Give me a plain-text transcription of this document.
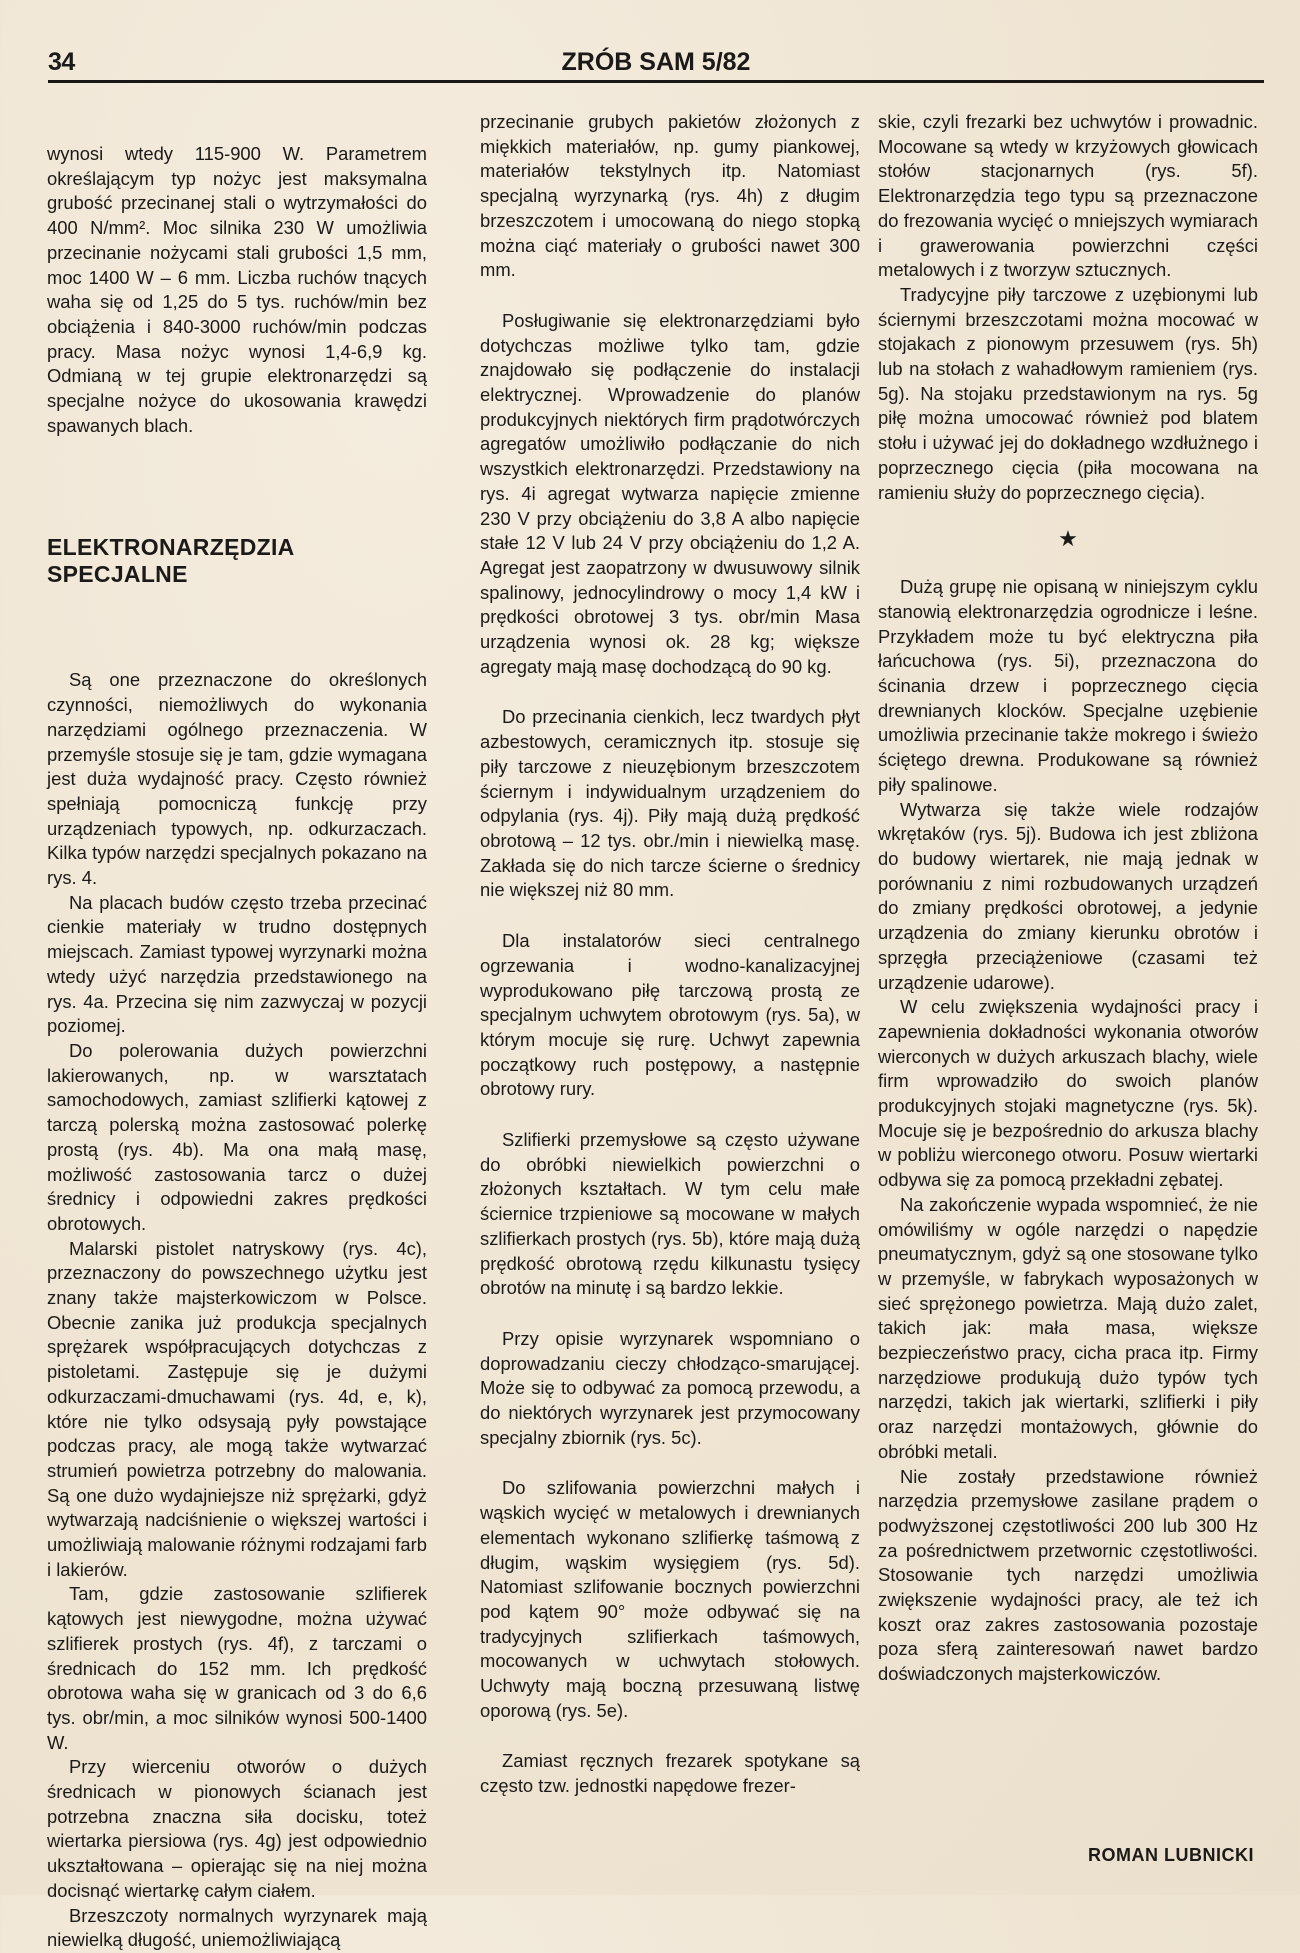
34	ZRÓB SAM 5/82

wynosi wtedy 115-900 W. Parametrem określającym typ nożyc jest maksymalna grubość przecinanej stali o wytrzymałości do 400 N/mm². Moc silnika 230 W umożliwia przecinanie nożycami stali grubości 1,5 mm, moc 1400 W – 6 mm. Liczba ruchów tnących waha się od 1,25 do 5 tys. ruchów/min bez obciążenia i 840-3000 ruchów/min podczas pracy. Masa nożyc wynosi 1,4-6,9 kg. Odmianą w tej grupie elektronarzędzi są specjalne nożyce do ukosowania krawędzi spawanych blach.

ELEKTRONARZĘDZIA
SPECJALNE

Są one przeznaczone do określonych czynności, niemożliwych do wykonania narzędziami ogólnego przeznaczenia. W przemyśle stosuje się je tam, gdzie wymagana jest duża wydajność pracy. Często również spełniają pomocniczą funkcję przy urządzeniach typowych, np. odkurzaczach. Kilka typów narzędzi specjalnych pokazano na rys. 4.

Na placach budów często trzeba przecinać cienkie materiały w trudno dostępnych miejscach. Zamiast typowej wyrzynarki można wtedy użyć narzędzia przedstawionego na rys. 4a. Przecina się nim zazwyczaj w pozycji poziomej.

Do polerowania dużych powierzchni lakierowanych, np. w warsztatach samochodowych, zamiast szlifierki kątowej z tarczą polerską można zastosować polerkę prostą (rys. 4b). Ma ona małą masę, możliwość zastosowania tarcz o dużej średnicy i odpowiedni zakres prędkości obrotowych.

Malarski pistolet natryskowy (rys. 4c), przeznaczony do powszechnego użytku jest znany także majsterkowiczom w Polsce. Obecnie zanika już produkcja specjalnych sprężarek współpracujących dotychczas z pistoletami. Zastępuje się je dużymi odkurzaczami-dmuchawami (rys. 4d, e, k), które nie tylko odsysają pyły powstające podczas pracy, ale mogą także wytwarzać strumień powietrza potrzebny do malowania. Są one dużo wydajniejsze niż sprężarki, gdyż wytwarzają nadciśnienie o większej wartości i umożliwiają malowanie różnymi rodzajami farb i lakierów.

Tam, gdzie zastosowanie szlifierek kątowych jest niewygodne, można używać szlifierek prostych (rys. 4f), z tarczami o średnicach do 152 mm. Ich prędkość obrotowa waha się w granicach od 3 do 6,6 tys. obr/min, a moc silników wynosi 500-1400 W.

Przy wierceniu otworów o dużych średnicach w pionowych ścianach jest potrzebna znaczna siła docisku, toteż wiertarka piersiowa (rys. 4g) jest odpowiednio ukształtowana – opierając się na niej można docisnąć wiertarkę całym ciałem.

Brzeszczoty normalnych wyrzynarek mają niewielką długość, uniemożliwiającą

przecinanie grubych pakietów złożonych z miękkich materiałów, np. gumy piankowej, materiałów tekstylnych itp. Natomiast specjalną wyrzynarką (rys. 4h) z długim brzeszczotem i umocowaną do niego stopką można ciąć materiały o grubości nawet 300 mm.

Posługiwanie się elektronarzędziami było dotychczas możliwe tylko tam, gdzie znajdowało się podłączenie do instalacji elektrycznej. Wprowadzenie do planów produkcyjnych niektórych firm prądotwórczych agregatów umożliwiło podłączanie do nich wszystkich elektronarzędzi. Przedstawiony na rys. 4i agregat wytwarza napięcie zmienne 230 V przy obciążeniu do 3,8 A albo napięcie stałe 12 V lub 24 V przy obciążeniu do 1,2 A. Agregat jest zaopatrzony w dwusuwowy silnik spalinowy, jednocylindrowy o mocy 1,4 kW i prędkości obrotowej 3 tys. obr/min Masa urządzenia wynosi ok. 28 kg; większe agregaty mają masę dochodzącą do 90 kg.

Do przecinania cienkich, lecz twardych płyt azbestowych, ceramicznych itp. stosuje się piły tarczowe z nieuzębionym brzeszczotem ściernym i indywidualnym urządzeniem do odpylania (rys. 4j). Piły mają dużą prędkość obrotową – 12 tys. obr./min i niewielką masę. Zakłada się do nich tarcze ścierne o średnicy nie większej niż 80 mm.

Dla instalatorów sieci centralnego ogrzewania i wodno-kanalizacyjnej wyprodukowano piłę tarczową prostą ze specjalnym uchwytem obrotowym (rys. 5a), w którym mocuje się rurę. Uchwyt zapewnia początkowy ruch postępowy, a następnie obrotowy rury.

Szlifierki przemysłowe są często używane do obróbki niewielkich powierzchni o złożonych kształtach. W tym celu małe ściernice trzpieniowe są mocowane w małych szlifierkach prostych (rys. 5b), które mają dużą prędkość obrotową rzędu kilkunastu tysięcy obrotów na minutę i są bardzo lekkie.

Przy opisie wyrzynarek wspomniano o doprowadzaniu cieczy chłodząco-smarującej. Może się to odbywać za pomocą przewodu, a do niektórych wyrzynarek jest przymocowany specjalny zbiornik (rys. 5c).

Do szlifowania powierzchni małych i wąskich wycięć w metalowych i drewnianych elementach wykonano szlifierkę taśmową z długim, wąskim wysięgiem (rys. 5d). Natomiast szlifowanie bocznych powierzchni pod kątem 90° może odbywać się na tradycyjnych szlifierkach taśmowych, mocowanych w uchwytach stołowych. Uchwyty mają boczną przesuwaną listwę oporową (rys. 5e).

Zamiast ręcznych frezarek spotykane są często tzw. jednostki napędowe frezer-

skie, czyli frezarki bez uchwytów i prowadnic. Mocowane są wtedy w krzyżowych głowicach stołów stacjonarnych (rys. 5f). Elektronarzędzia tego typu są przeznaczone do frezowania wycięć o mniejszych wymiarach i grawerowania powierzchni części metalowych i z tworzyw sztucznych.

Tradycyjne piły tarczowe z uzębionymi lub ściernymi brzeszczotami można mocować w stojakach z pionowym przesuwem (rys. 5h) lub na stołach z wahadłowym ramieniem (rys. 5g). Na stojaku przedstawionym na rys. 5g piłę można umocować również pod blatem stołu i używać jej do dokładnego wzdłużnego i poprzecznego cięcia (piła mocowana na ramieniu służy do poprzecznego cięcia).

★

Dużą grupę nie opisaną w niniejszym cyklu stanowią elektronarzędzia ogrodnicze i leśne. Przykładem może tu być elektryczna piła łańcuchowa (rys. 5i), przeznaczona do ścinania drzew i poprzecznego cięcia drewnianych klocków. Specjalne uzębienie umożliwia przecinanie także mokrego i świeżo ściętego drewna. Produkowane są również piły spalinowe.

Wytwarza się także wiele rodzajów wkrętaków (rys. 5j). Budowa ich jest zbliżona do budowy wiertarek, nie mają jednak w porównaniu z nimi rozbudowanych urządzeń do zmiany prędkości obrotowej, a jedynie urządzenia do zmiany kierunku obrotów i sprzęgła przeciążeniowe (czasami też urządzenie udarowe).

W celu zwiększenia wydajności pracy i zapewnienia dokładności wykonania otworów wierconych w dużych arkuszach blachy, wiele firm wprowadziło do swoich planów produkcyjnych stojaki magnetyczne (rys. 5k). Mocuje się je bezpośrednio do arkusza blachy w pobliżu wierconego otworu. Posuw wiertarki odbywa się za pomocą przekładni zębatej.

Na zakończenie wypada wspomnieć, że nie omówiliśmy w ogóle narzędzi o napędzie pneumatycznym, gdyż są one stosowane tylko w przemyśle, w fabrykach wyposażonych w sieć sprężonego powietrza. Mają dużo zalet, takich jak: mała masa, większe bezpieczeństwo pracy, cicha praca itp. Firmy narzędziowe produkują dużo typów tych narzędzi, takich jak wiertarki, szlifierki i piły oraz narzędzi montażowych, głównie do obróbki metali.

Nie zostały przedstawione również narzędzia przemysłowe zasilane prądem o podwyższonej częstotliwości 200 lub 300 Hz za pośrednictwem przetwornic częstotliwości. Stosowanie tych narzędzi umożliwia zwiększenie wydajności pracy, ale też ich koszt oraz zakres zastosowania pozostaje poza sferą zainteresowań nawet bardzo doświadczonych majsterkowiczów.

ROMAN LUBNICKI
